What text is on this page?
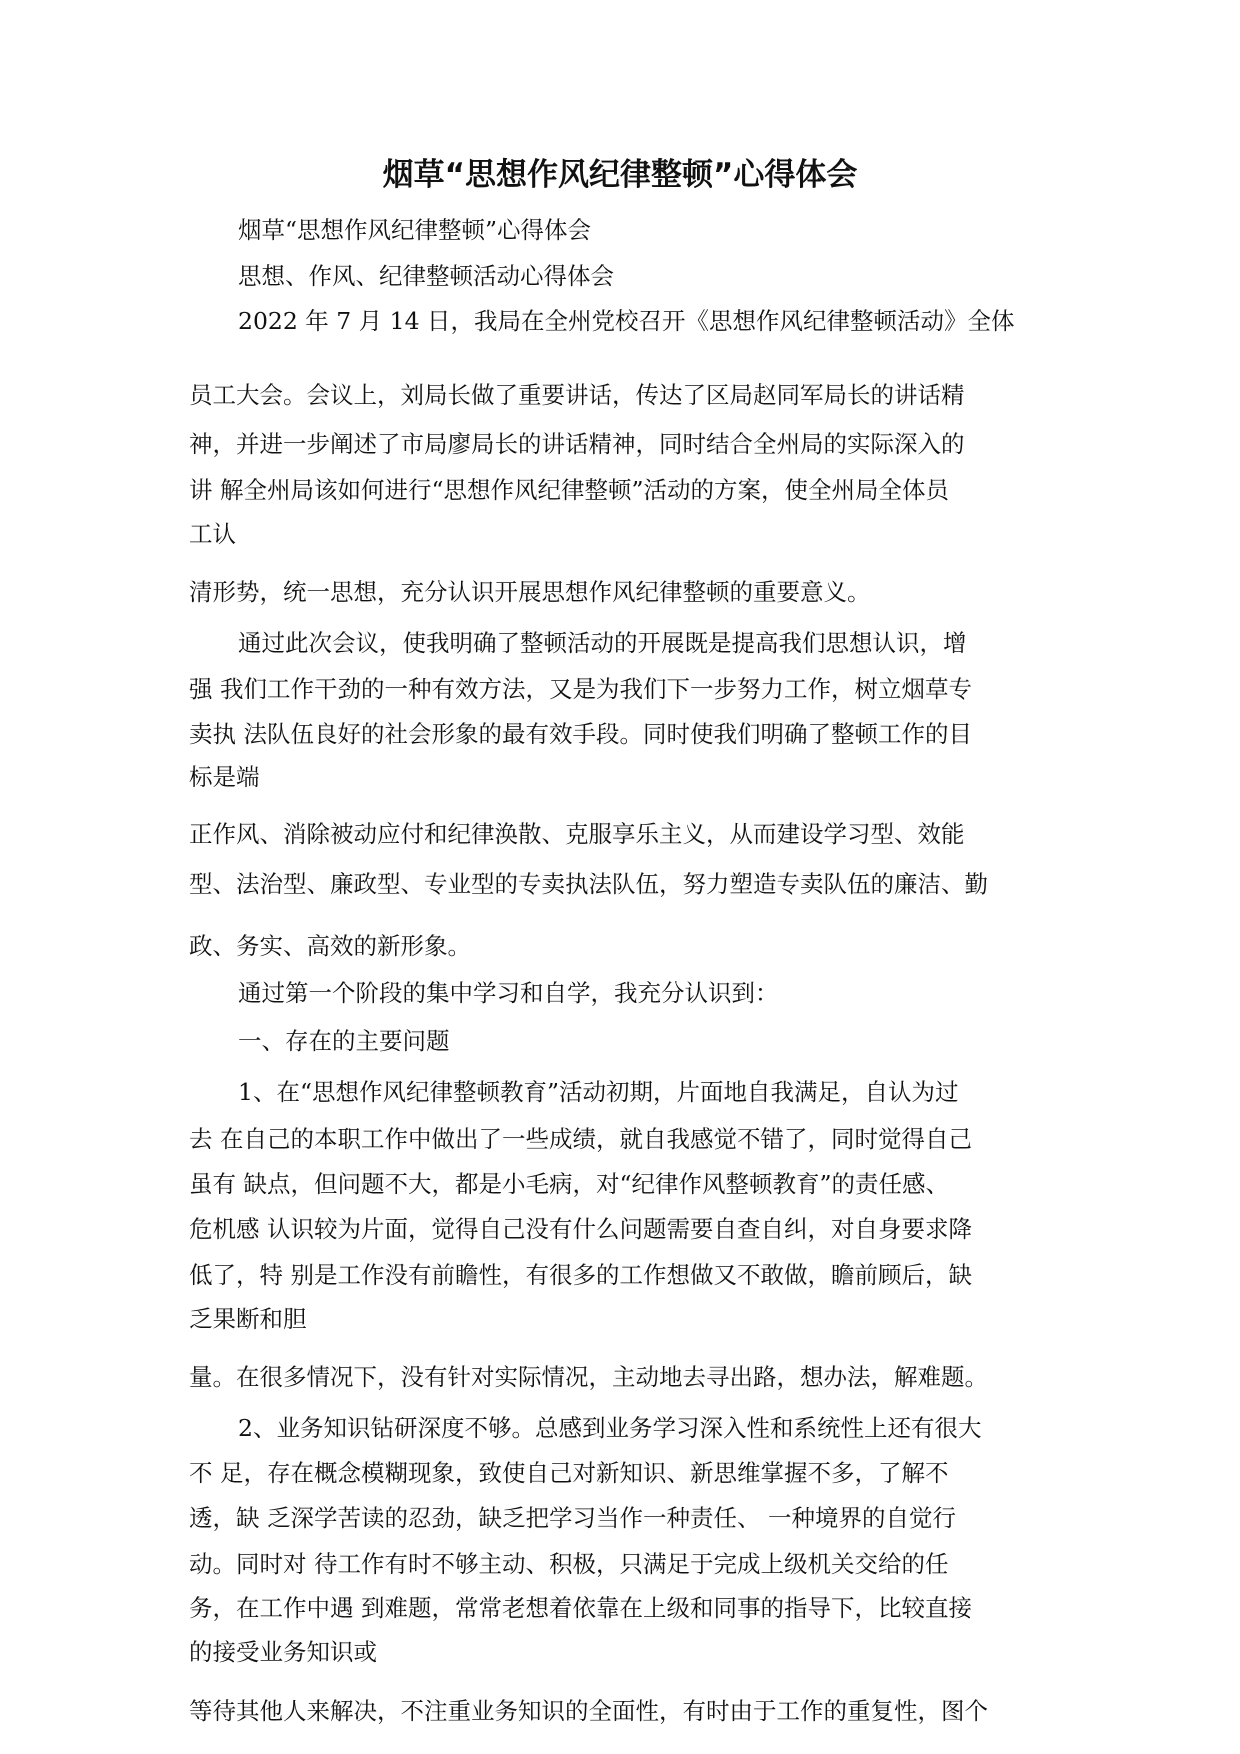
烟草“思想作风纪律整顿”心得体会
烟草“思想作风纪律整顿”心得体会
思想、作风、纪律整顿活动心得体会
2022 年 7 月 14 日，我局在全州党校召开《思想作风纪律整顿活动》全体
员工大会。会议上，刘局长做了重要讲话，传达了区局赵同军局长的讲话精
神，并进一步阐述了市局廖局长的讲话精神，同时结合全州局的实际深入的
讲 解全州局该如何进行“思想作风纪律整顿”活动的方案，使全州局全体员
工认
清形势，统一思想，充分认识开展思想作风纪律整顿的重要意义。
通过此次会议，使我明确了整顿活动的开展既是提高我们思想认识，增
强 我们工作干劲的一种有效方法，又是为我们下一步努力工作，树立烟草专
卖执 法队伍良好的社会形象的最有效手段。同时使我们明确了整顿工作的目
标是端
正作风、消除被动应付和纪律涣散、克服享乐主义，从而建设学习型、效能
型、法治型、廉政型、专业型的专卖执法队伍，努力塑造专卖队伍的廉洁、勤
政、务实、高效的新形象。
通过第一个阶段的集中学习和自学，我充分认识到：
一、存在的主要问题
1、在“思想作风纪律整顿教育”活动初期，片面地自我满足，自认为过
去 在自己的本职工作中做出了一些成绩，就自我感觉不错了，同时觉得自己
虽有 缺点，但问题不大，都是小毛病，对“纪律作风整顿教育”的责任感、
危机感 认识较为片面，觉得自己没有什么问题需要自查自纠，对自身要求降
低了，特 别是工作没有前瞻性，有很多的工作想做又不敢做，瞻前顾后，缺
乏果断和胆
量。在很多情况下，没有针对实际情况，主动地去寻出路，想办法，解难题。
2、业务知识钻研深度不够。总感到业务学习深入性和系统性上还有很大
不 足，存在概念模糊现象，致使自己对新知识、新思维掌握不多，了解不
透，缺 乏深学苦读的忍劲，缺乏把学习当作一种责任、 一种境界的自觉行
动。同时对 待工作有时不够主动、积极，只满足于完成上级机关交给的任
务，在工作中遇 到难题，常常老想着依靠在上级和同事的指导下，比较直接
的接受业务知识或
等待其他人来解决，不注重业务知识的全面性，有时由于工作的重复性，图个
